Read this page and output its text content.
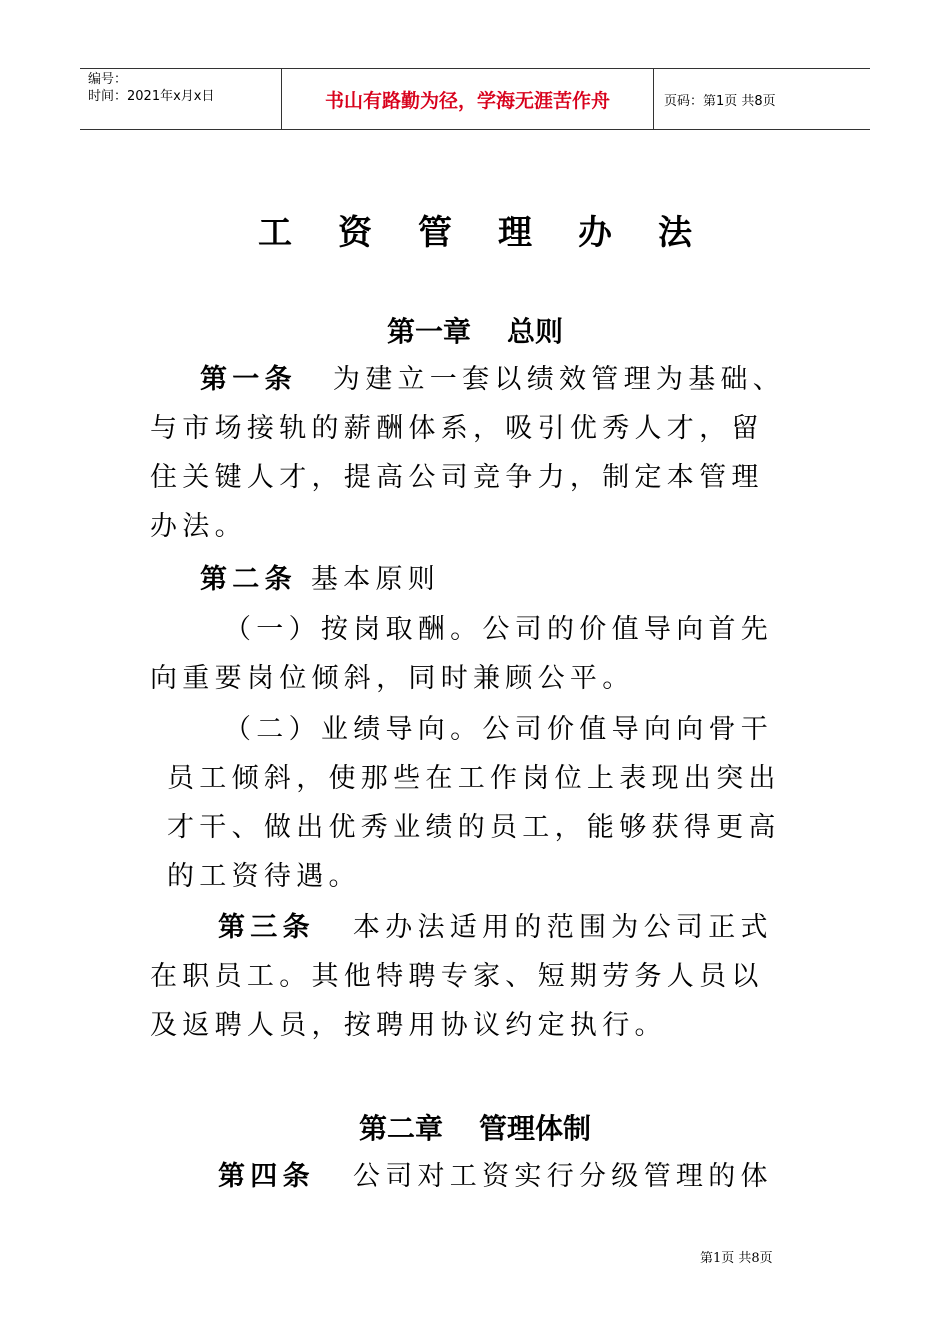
编号：
时间：2021年x月x日	书山有路勤为径，学海无涯苦作舟	页码：第1页 共8页
工资管理办法
第一章 总则
第一条 为建立一套以绩效管理为基础、
与市场接轨的薪酬体系，吸引优秀人才，留
住关键人才，提高公司竞争力，制定本管理
办法。
第二条 基本原则
（一）按岗取酬。公司的价值导向首先
向重要岗位倾斜，同时兼顾公平。
（二）业绩导向。公司价值导向向骨干
员工倾斜，使那些在工作岗位上表现出突出
才干、做出优秀业绩的员工，能够获得更高
的工资待遇。
第三条 本办法适用的范围为公司正式
在职员工。其他特聘专家、短期劳务人员以
及返聘人员，按聘用协议约定执行。
第二章 管理体制
第四条 公司对工资实行分级管理的体
第1页 共8页
